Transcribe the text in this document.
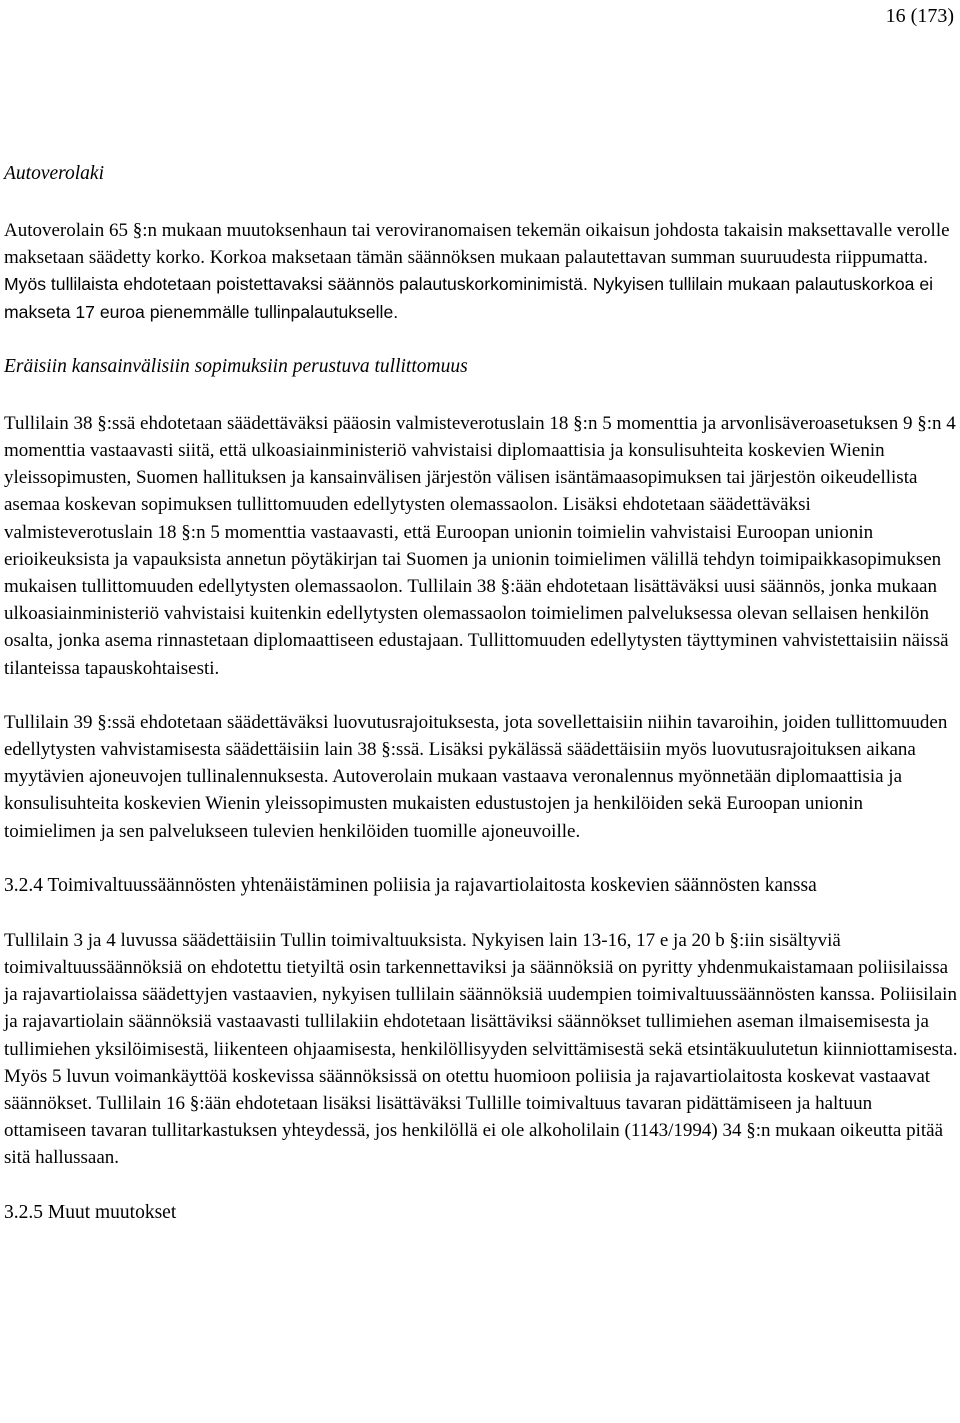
16 (173)

Autoverolaki

Autoverolain 65 §:n mukaan muutoksenhaun tai veroviranomaisen tekemän oikaisun johdosta takaisin maksettavalle verolle maksetaan säädetty korko. Korkoa maksetaan tämän säännöksen mukaan palautettavan summan suuruudesta riippumatta. Myös tullilaista ehdotetaan poistettavaksi säännös palautuskorkominimistä. Nykyisen tullilain mukaan palautuskorkoa ei makseta 17 euroa pienemmälle tullinpalautukselle.

Eräisiin kansainvälisiin sopimuksiin perustuva tullittomuus

Tullilain 38 §:ssä ehdotetaan säädettäväksi pääosin valmisteverotuslain 18 §:n 5 momenttia ja arvonlisäveroasetuksen 9 §:n 4 momenttia vastaavasti siitä, että ulkoasiainministeriö vahvistaisi diplomaattisia ja konsulisuhteita koskevien Wienin yleissopimusten, Suomen hallituksen ja kansainvälisen järjestön välisen isäntämaasopimuksen tai järjestön oikeudellista asemaa koskevan sopimuksen tullittomuuden edellytysten olemassaolon. Lisäksi ehdotetaan säädettäväksi valmisteverotuslain 18 §:n 5 momenttia vastaavasti, että Euroopan unionin toimielin vahvistaisi Euroopan unionin erioikeuksista ja vapauksista annetun pöytäkirjan tai Suomen ja unionin toimielimen välillä tehdyn toimipaikkasopimuksen mukaisen tullittomuuden edellytysten olemassaolon. Tullilain 38 §:ään ehdotetaan lisättäväksi uusi säännös, jonka mukaan ulkoasiainministeriö vahvistaisi kuitenkin edellytysten olemassaolon toimielimen palveluksessa olevan sellaisen henkilön osalta, jonka asema rinnastetaan diplomaattiseen edustajaan. Tullittomuuden edellytysten täyttyminen vahvistettaisiin näissä tilanteissa tapauskohtaisesti.

Tullilain 39 §:ssä ehdotetaan säädettäväksi luovutusrajoituksesta, jota sovellettaisiin niihin tavaroihin, joiden tullittomuuden edellytysten vahvistamisesta säädettäisiin lain 38 §:ssä. Lisäksi pykälässä säädettäisiin myös luovutusrajoituksen aikana myytävien ajoneuvojen tullinalennuksesta. Autoverolain mukaan vastaava veronalennus myönnetään diplomaattisia ja konsulisuhteita koskevien Wienin yleissopimusten mukaisten edustustojen ja henkilöiden sekä Euroopan unionin toimielimen ja sen palvelukseen tulevien henkilöiden tuomille ajoneuvoille.

3.2.4 Toimivaltuussäännösten yhtenäistäminen poliisia ja rajavartiolaitosta koskevien säännösten kanssa

Tullilain 3 ja 4 luvussa säädettäisiin Tullin toimivaltuuksista. Nykyisen lain 13-16, 17 e ja 20 b §:iin sisältyviä toimivaltuussäännöksiä on ehdotettu tietyiltä osin tarkennettaviksi ja säännöksiä on pyritty yhdenmukaistamaan poliisilaissa ja rajavartiolaissa säädettyjen vastaavien, nykyisen tullilain säännöksiä uudempien toimivaltuussäännösten kanssa. Poliisilain ja rajavartiolain säännöksiä vastaavasti tullilakiin ehdotetaan lisättäviksi säännökset tullimiehen aseman ilmaisemisesta ja tullimiehen yksilöimisestä, liikenteen ohjaamisesta, henkilöllisyyden selvittämisestä sekä etsintäkuulutetun kiinniottamisesta. Myös 5 luvun voimankäyttöä koskevissa säännöksissä on otettu huomioon poliisia ja rajavartiolaitosta koskevat vastaavat säännökset. Tullilain 16 §:ään ehdotetaan lisäksi lisättäväksi Tullille toimivaltuus tavaran pidättämiseen ja haltuun ottamiseen tavaran tullitarkastuksen yhteydessä, jos henkilöllä ei ole alkoholilain (1143/1994) 34 §:n mukaan oikeutta pitää sitä hallussaan.

3.2.5 Muut muutokset
